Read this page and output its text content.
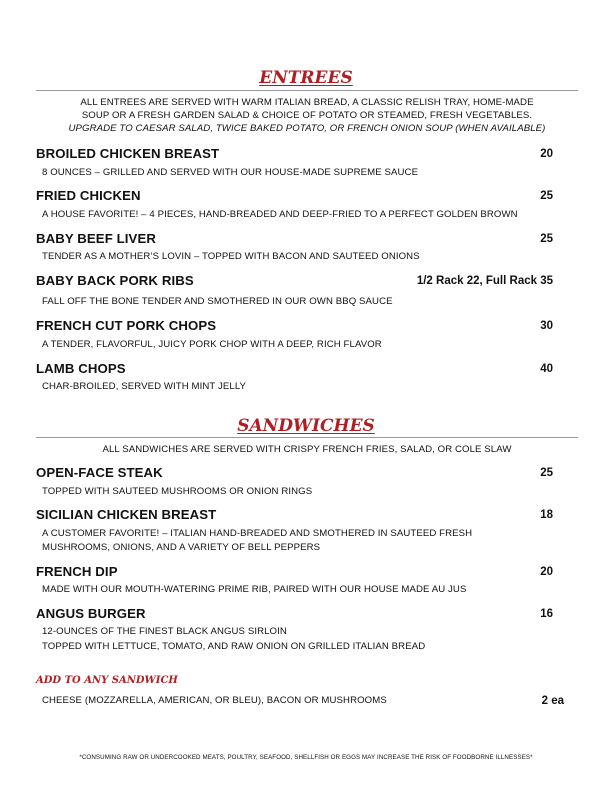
ENTREES
ALL ENTREES ARE SERVED WITH WARM ITALIAN BREAD, A CLASSIC RELISH TRAY, HOME-MADE
SOUP OR A FRESH GARDEN SALAD & CHOICE OF POTATO OR STEAMED, FRESH VEGETABLES.
UPGRADE TO CAESAR SALAD, TWICE BAKED POTATO, OR FRENCH ONION SOUP (WHEN AVAILABLE)
BROILED CHICKEN BREAST	20
8 OUNCES – GRILLED AND SERVED WITH OUR HOUSE-MADE SUPREME SAUCE
FRIED CHICKEN	25
A HOUSE FAVORITE! – 4 PIECES, HAND-BREADED AND DEEP-FRIED TO A PERFECT GOLDEN BROWN
BABY BEEF LIVER	25
TENDER AS A MOTHER’S LOVIN – TOPPED WITH BACON AND SAUTEED ONIONS
BABY BACK PORK RIBS	1/2 Rack 22, Full Rack 35
FALL OFF THE BONE TENDER AND SMOTHERED IN OUR OWN BBQ SAUCE
FRENCH CUT PORK CHOPS	30
A TENDER, FLAVORFUL, JUICY PORK CHOP WITH A DEEP, RICH FLAVOR
LAMB CHOPS	40
CHAR-BROILED, SERVED WITH MINT JELLY
SANDWICHES
ALL SANDWICHES ARE SERVED WITH CRISPY FRENCH FRIES, SALAD, OR COLE SLAW
OPEN-FACE STEAK	25
TOPPED WITH SAUTEED MUSHROOMS OR ONION RINGS
SICILIAN CHICKEN BREAST	18
A CUSTOMER FAVORITE! – ITALIAN HAND-BREADED AND SMOTHERED IN SAUTEED FRESH
MUSHROOMS, ONIONS, AND A VARIETY OF BELL PEPPERS
FRENCH DIP	20
MADE WITH OUR MOUTH-WATERING PRIME RIB, PAIRED WITH OUR HOUSE MADE AU JUS
ANGUS BURGER	16
12-OUNCES OF THE FINEST BLACK ANGUS SIRLOIN
TOPPED WITH LETTUCE, TOMATO, AND RAW ONION ON GRILLED ITALIAN BREAD
ADD TO ANY SANDWICH
CHEESE (MOZZARELLA, AMERICAN, OR BLEU), BACON OR MUSHROOMS	2 ea
*CONSUMING RAW OR UNDERCOOKED MEATS, POULTRY, SEAFOOD, SHELLFISH OR EGGS MAY INCREASE THE RISK OF FOODBORNE ILLNESSES*
